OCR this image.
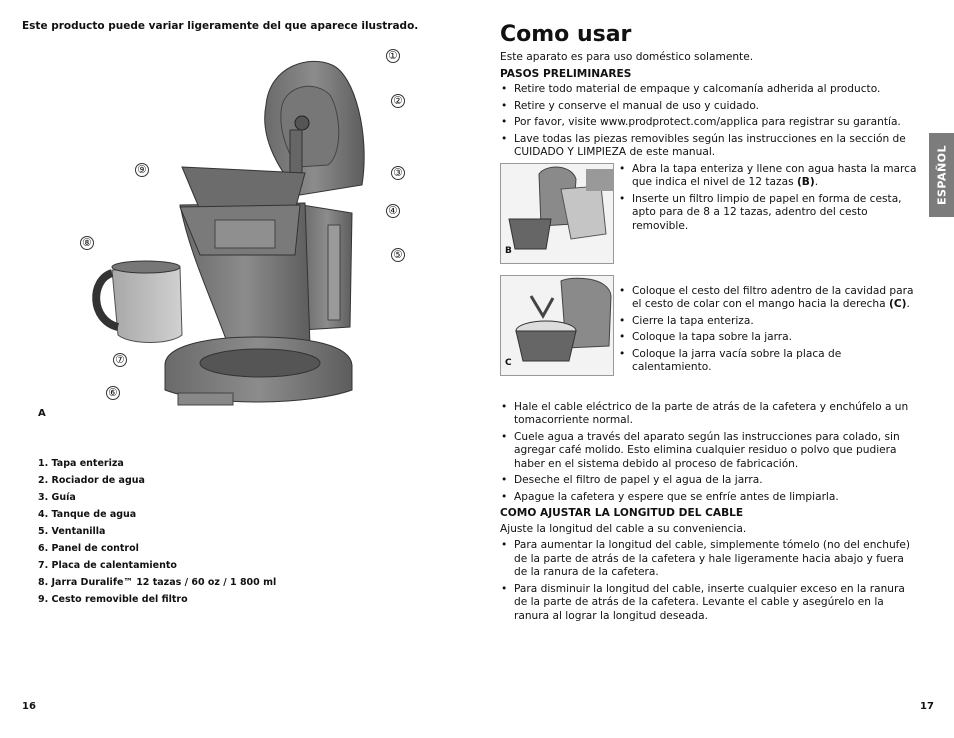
Este producto puede variar ligeramente del que aparece ilustrado.
①
②
③
④
⑤
⑥
⑦
⑧
⑨
A
1. Tapa enteriza
2. Rociador de agua
3. Guía
4. Tanque de agua
5. Ventanilla
6. Panel de control
7. Placa de calentamiento
8. Jarra Duralife™ 12 tazas / 60 oz / 1 800 ml
9. Cesto removible del filtro
16
Como usar

Este aparato es para uso doméstico solamente.

PASOS PRELIMINARES
• Retire todo material de empaque y calcomanía adherida al producto.
• Retire y conserve el manual de uso y cuidado.
• Por favor, visite www.prodprotect.com/applica para registrar su garantía.
• Lave todas las piezas removibles según las instrucciones en la sección de CUIDADO Y LIMPIEZA de este manual.
B
• Abra la tapa enteriza y llene con agua hasta la marca que indica el nivel de 12 tazas (B).
• Inserte un filtro limpio de papel en forma de cesta, apto para de 8 a 12 tazas, adentro del cesto removible.
C
• Coloque el cesto del filtro adentro de la cavidad para el cesto de colar con el mango hacia la derecha (C).
• Cierre la tapa enteriza.
• Coloque la tapa sobre la jarra.
• Coloque la jarra vacía sobre la placa de calentamiento.
• Hale el cable eléctrico de la parte de atrás de la cafetera y enchúfelo a un tomacorriente normal.
• Cuele agua a través del aparato según las instrucciones para colado, sin agregar café molido. Esto elimina cualquier residuo o polvo que pudiera haber en el sistema debido al proceso de fabricación.
• Deseche el filtro de papel y el agua de la jarra.
• Apague la cafetera y espere que se enfríe antes de limpiarla.
COMO AJUSTAR LA LONGITUD DEL CABLE

Ajuste la longitud del cable a su conveniencia.

• Para aumentar la longitud del cable, simplemente tómelo (no del enchufe) de la parte de atrás de la cafetera y hale ligeramente hacia abajo y fuera de la ranura de la cafetera.
• Para disminuir la longitud del cable, inserte cualquier exceso en la ranura de la parte de atrás de la cafetera. Levante el cable y asegúrelo en la ranura al lograr la longitud deseada.
17
ESPAÑOL
